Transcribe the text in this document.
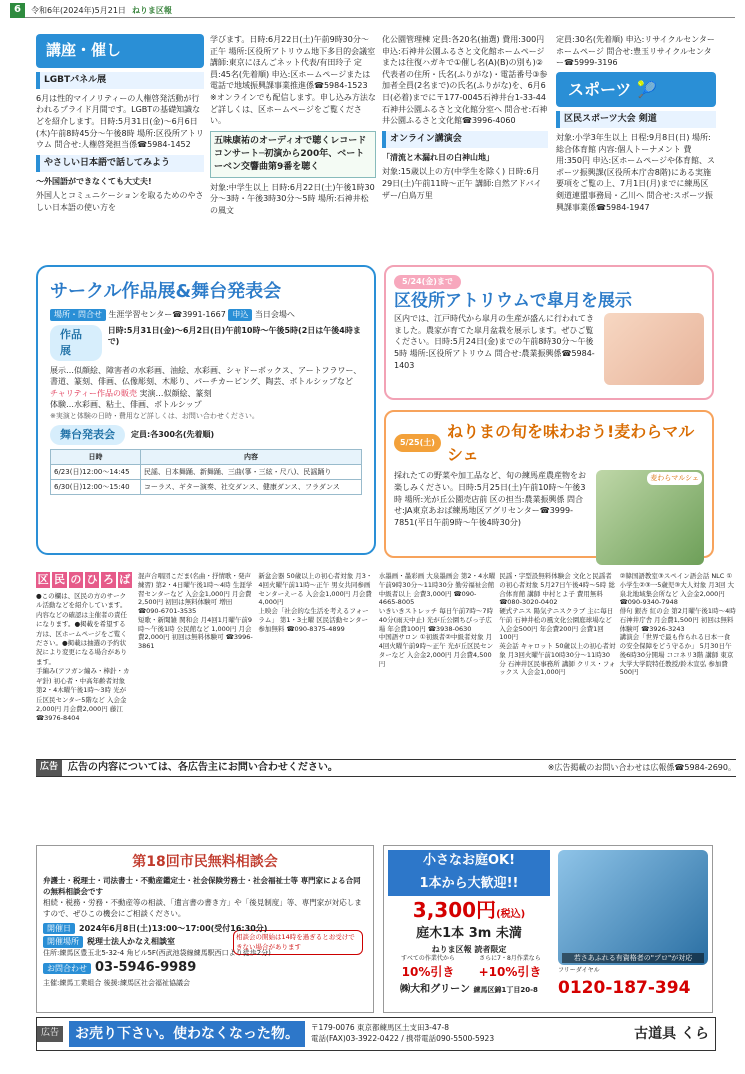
6	令和6年(2024年)5月21日 ねりま区報
講座・催し
LGBTパネル展

6月は性的マイノリティーの人権啓発活動が行われるプライド月間です。LGBTの基礎知識などを紹介します。日時:5月31日(金)～6月6日(木)午前8時45分～午後8時 場所:区役所アトリウム 問合せ:人権啓発担当係☎5984-1452

やさしい日本語で話してみよう

～外国語ができなくても大丈夫!

外国人とコミュニケーションを取るためのやさしい日本語の使い方を

学びます。日時:6月22日(土)午前9時30分～正午 場所:区役所アトリウム地下多目的会議室 講師:東京にほんごネット代表/有田玲子 定員:45名(先着順) 申込:区ホームページまたは電話で地域振興課事業推進係☎5984-1523 ※オンラインでも配信します。申し込み方法など詳しくは、区ホームページをご覧ください。

五味康祐のオーディオで聴くレコードコンサート─初演から200年、ベートーベン交響曲第9番を聴く

対象:中学生以上 日時:6月22日(土)午後1時30分～3時・午後3時30分～5時 場所:石神井松の風文

化公園管理棟 定員:各20名(抽選) 費用:300円 申込:石神井公園ふるさと文化館ホームページまたは往復ハガキで①催し名(A)(B)の別も)②代表者の住所・氏名(ふりがな)・電話番号③参加者全員(2名まで)の氏名(ふりがな)を、6月6日(必着)までに〒177-0045石神井台1-33-44石神井公園ふるさと文化館分室へ 問合せ:石神井公園ふるさと文化館☎3996-4060

オンライン講演会

「清流と木漏れ日の白神山地」

対象:15歳以上の方(中学生を除く) 日時:6月29日(土)午前11時～正午 講師:自然アドバイザー/白鳥万里

定員:30名(先着順) 申込:リサイクルセンターホームページ 問合せ:豊玉リサイクルセンター☎5999-3196

スポーツ 🎾
区民スポーツ大会 剣道

対象:小学3年生以上 日程:9月8日(日) 場所:総合体育館 内容:個人トーナメント 費用:350円 申込:区ホームページや体育館、スポーツ振興課(区役所本庁舎8階)にある実施要項をご覧の上、7月1日(月)までに練馬区剣道連盟事務局・乙川へ 問合せ:スポーツ振興課事業係☎5984-1947

サークル作品展&舞台発表会
場所・問合せ 生涯学習センター☎3991-1667 申込 当日会場へ
作品展
日時:5月31日(金)～6月2日(日)午前10時～午後5時(2日は午後4時まで)

展示…似顔絵、障害者の水彩画、油絵、水彩画、シャドーボックス、アートフラワー、書道、篆刻、俳画、仏像彫刻、木彫り、パーチカービング、陶芸、ボトルシップなど

チャリティー作品の販売 実演…似顔絵、篆刻

体験…水彩画、粘土、俳画、ボトルシップ

※実演と体験の日時・費用など詳しくは、お問い合わせください。

舞台発表会	定員:各300名(先着順)
日時	内容
6/23(日)12:00～14:45	民謡、日本舞踊、新舞踊、三曲(箏・三絃・尺八)、民謡踊り
6/30(日)12:00～15:40	コーラス、ギター演奏、社交ダンス、健康ダンス、フラダンス
5/24(金)まで
区役所アトリウムで皐月を展示

区内では、江戸時代から皐月の生産が盛んに行われてきました。農家が育てた皐月盆栽を展示します。ぜひご覧ください。日時:5月24日(金)までの午前8時30分～午後5時 場所:区役所アトリウム 問合せ:農業振興係☎5984-1403

5/25(土)
ねりまの旬を味わおう!麦わらマルシェ

採れたての野菜や加工品など、旬の練馬産農産物をお楽しみください。日時:5月25日(土)午前10時～午後3時 場所:光が丘公園売店前 区の担当:農業振興係 問合せ:JA東京あおば練馬地区アグリセンター☎3999-7851(平日午前9時～午後4時30分)

麦わらマルシェ
区 民 の ひ ろ ば

●この欄は、区民の方のサークル活動などを紹介しています。内容などの確認は主催者の責任になります。●掲載を希望する方は、区ホームページをご覧ください。●掲載は抽選の予約状況により変更になる場合があります。

手編み(アフガン編み・棒針・カギ針) 初心者・中高年齢者対象 第2・4木曜午後1時～3時 光が丘区民センター5階など 入会金2,000円 月会費2,000円 藤江☎3976-8404

混声合唱団こだま(名曲・抒情歌・発声練習) 第2・4日曜午後1時～4時 生涯学習センターなど 入会金1,000円 月会費2,500円 初回は無料体験可 増田☎090-6701-3535

短歌・新聞雑 関和会 月4回1月曜午前9時～午後1時 公民館など 1,000円 月会費2,000円 初回は無料体験可 ☎3996-3861

新盆会器 50歳以上の初心者対象 月3・4回火曜午前11時～正午 男女共同参画センターえーる 入会金1,000円 月会費4,000円

上映会「社会的な生活を考えるフォーラム」 第1・3土曜 区民活動センター 参加無料 ☎090-8375-4899

水墨画・墨彩画 大泉墨画会 第2・4水曜午前9時30分～11時30分 勤労福祉会館 中級者以上 会費3,000円 ☎090-4665-8005

いきいきストレッチ 毎日午前7時～7時40分(雨天中止) 光が丘公園ちびっ子広場 年会費100円 ☎3938-0630

中国語サロン ①初級者②中級者対象 月4回火曜午前9時～正午 光が丘区民センターなど 入会金2,000円 月会費4,500円

民謡・字型設無料体験会 文化と民謡者の初心者対象 5月27日午後4時～5時 総合体育館 講師 中村とよ子 費用無料 ☎080-3020-0402

硬式テニス 陽気テニスクラブ 主に毎日午前 石神井松の風文化公園庭球場など 入会金500円 年会費200円 会費1回100円

英会話 キャロット 50歳以上の初心者対象 月3回火曜午前10時30分～11時30分 石神井区民事務所 講師 クリス・フォックス 入会金1,000円

②韓国語教室③スペイン語会話 NLC ①小学生②③一5歳児③大人対象 月3回 大泉北地域集会所など 入会金2,000円 ☎090-9340-7948

俳句 銀杏 紅の会 第2月曜午後1時～4時 石神井庁舎 月会費1,500円 初回は無料体験可 ☎3926-3243

講演会「世界で最も作られる日本一食の安全保障をどう守るか」 5月30日午後6時30分開場 ココネリ3階 講師 東京大学大学院特任教授/鈴木宣弘 参加費500円

広告	広告の内容については、各広告主にお問い合わせください。	※広告掲載のお問い合わせは広報係☎5984-2690。
第18回市民無料相談会

弁護士・税理士・司法書士・不動産鑑定士・社会保険労務士・社会福祉士等 専門家による合同の無料相談会です

相続・税務・労務・不動産等の相談、「遺言書の書き方」や「後見制度」等、専門家が対応しますので、ぜひこの機会にご相談ください。

開催日	2024年6月8日(土)13:00～17:00(受付16:30分)
開催場所	税理士法人かなえ相談室

住所:練馬区豊玉北5-32-4 角ビル5F(西武池袋線練馬駅西口より徒歩2分)

相談会の開始は14時を過ぎるとお受けできない場合があります

お問合わせ 03-5946-9989

主催:練馬工業組合 後援:練馬区社会福祉協議会

小さなお庭OK!
1本から大歓迎!!
3,300円(税込)
庭木1本 3m 未満
ねりま区報 読者限定
すべての作業代から	さらに7・8月作業なら
10%引き	+10%引き
㈱大和グリーン 練馬区錦1丁目20-8
若さあふれる有資格者の"プロ"が対応
フリーダイヤル
0120-187-394
広告	お売り下さい。使わなくなった物。	〒179-0076 東京都練馬区土支田3-47-8
電話(FAX)03-3922-0422 / 携帯電話090-5500-5923	古道具 くら
